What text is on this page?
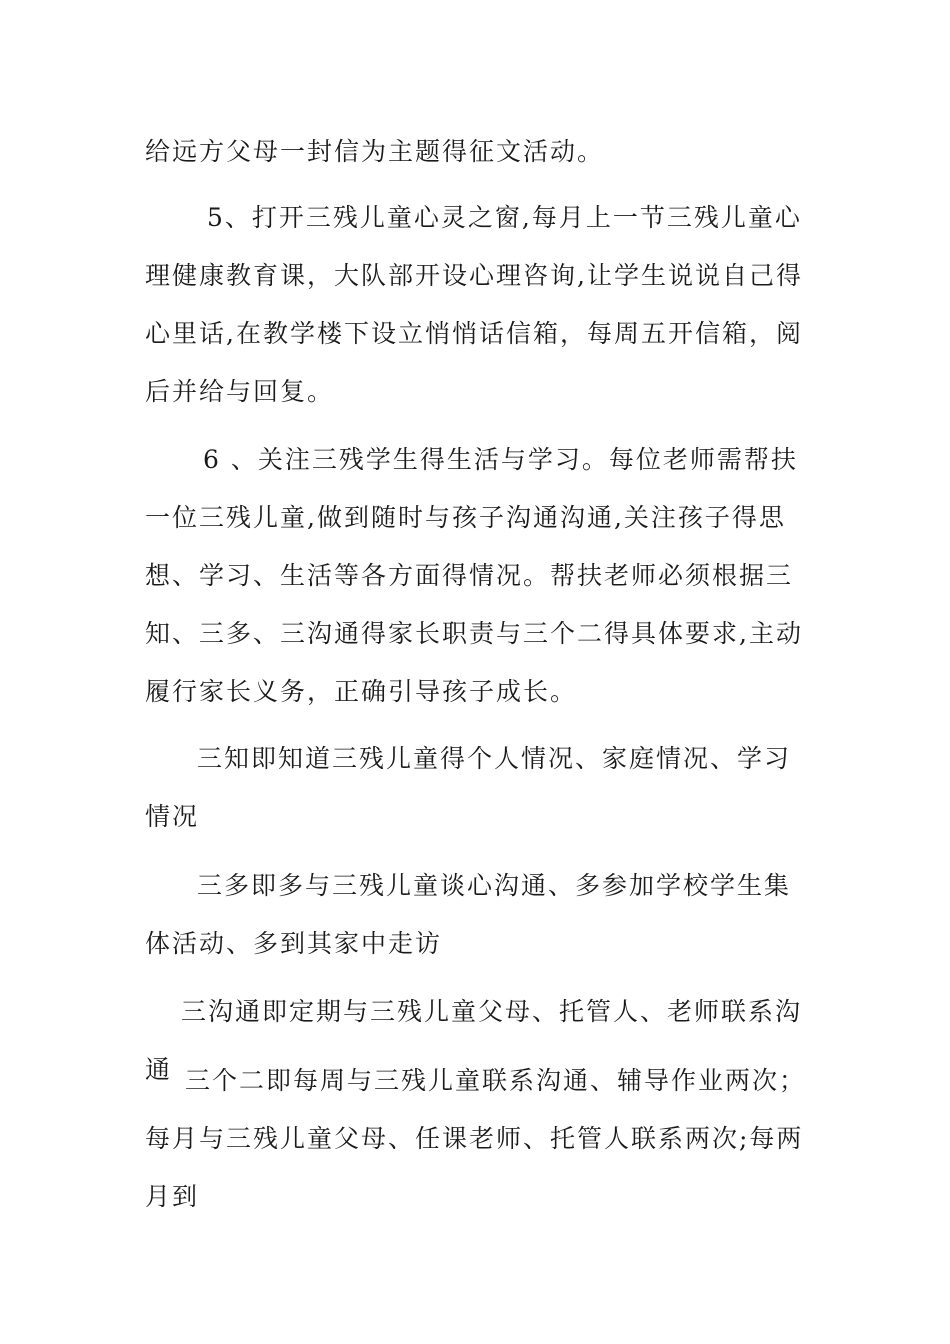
给远方父母一封信为主题得征文活动。

5、打开三残儿童心灵之窗,每月上一节三残儿童心理健康教育课，大队部开设心理咨询,让学生说说自己得心里话,在教学楼下设立悄悄话信箱，每周五开信箱，阅后并给与回复。

6 、关注三残学生得生活与学习。每位老师需帮扶一位三残儿童,做到随时与孩子沟通沟通,关注孩子得思想、学习、生活等各方面得情况。帮扶老师必须根据三知、三多、三沟通得家长职责与三个二得具体要求,主动履行家长义务，正确引导孩子成长。

三知即知道三残儿童得个人情况、家庭情况、学习情况

三多即多与三残儿童谈心沟通、多参加学校学生集体活动、多到其家中走访

三沟通即定期与三残儿童父母、托管人、老师联系沟通 三个二即每周与三残儿童联系沟通、辅导作业两次；每月与三残儿童父母、任课老师、托管人联系两次;每两月到
